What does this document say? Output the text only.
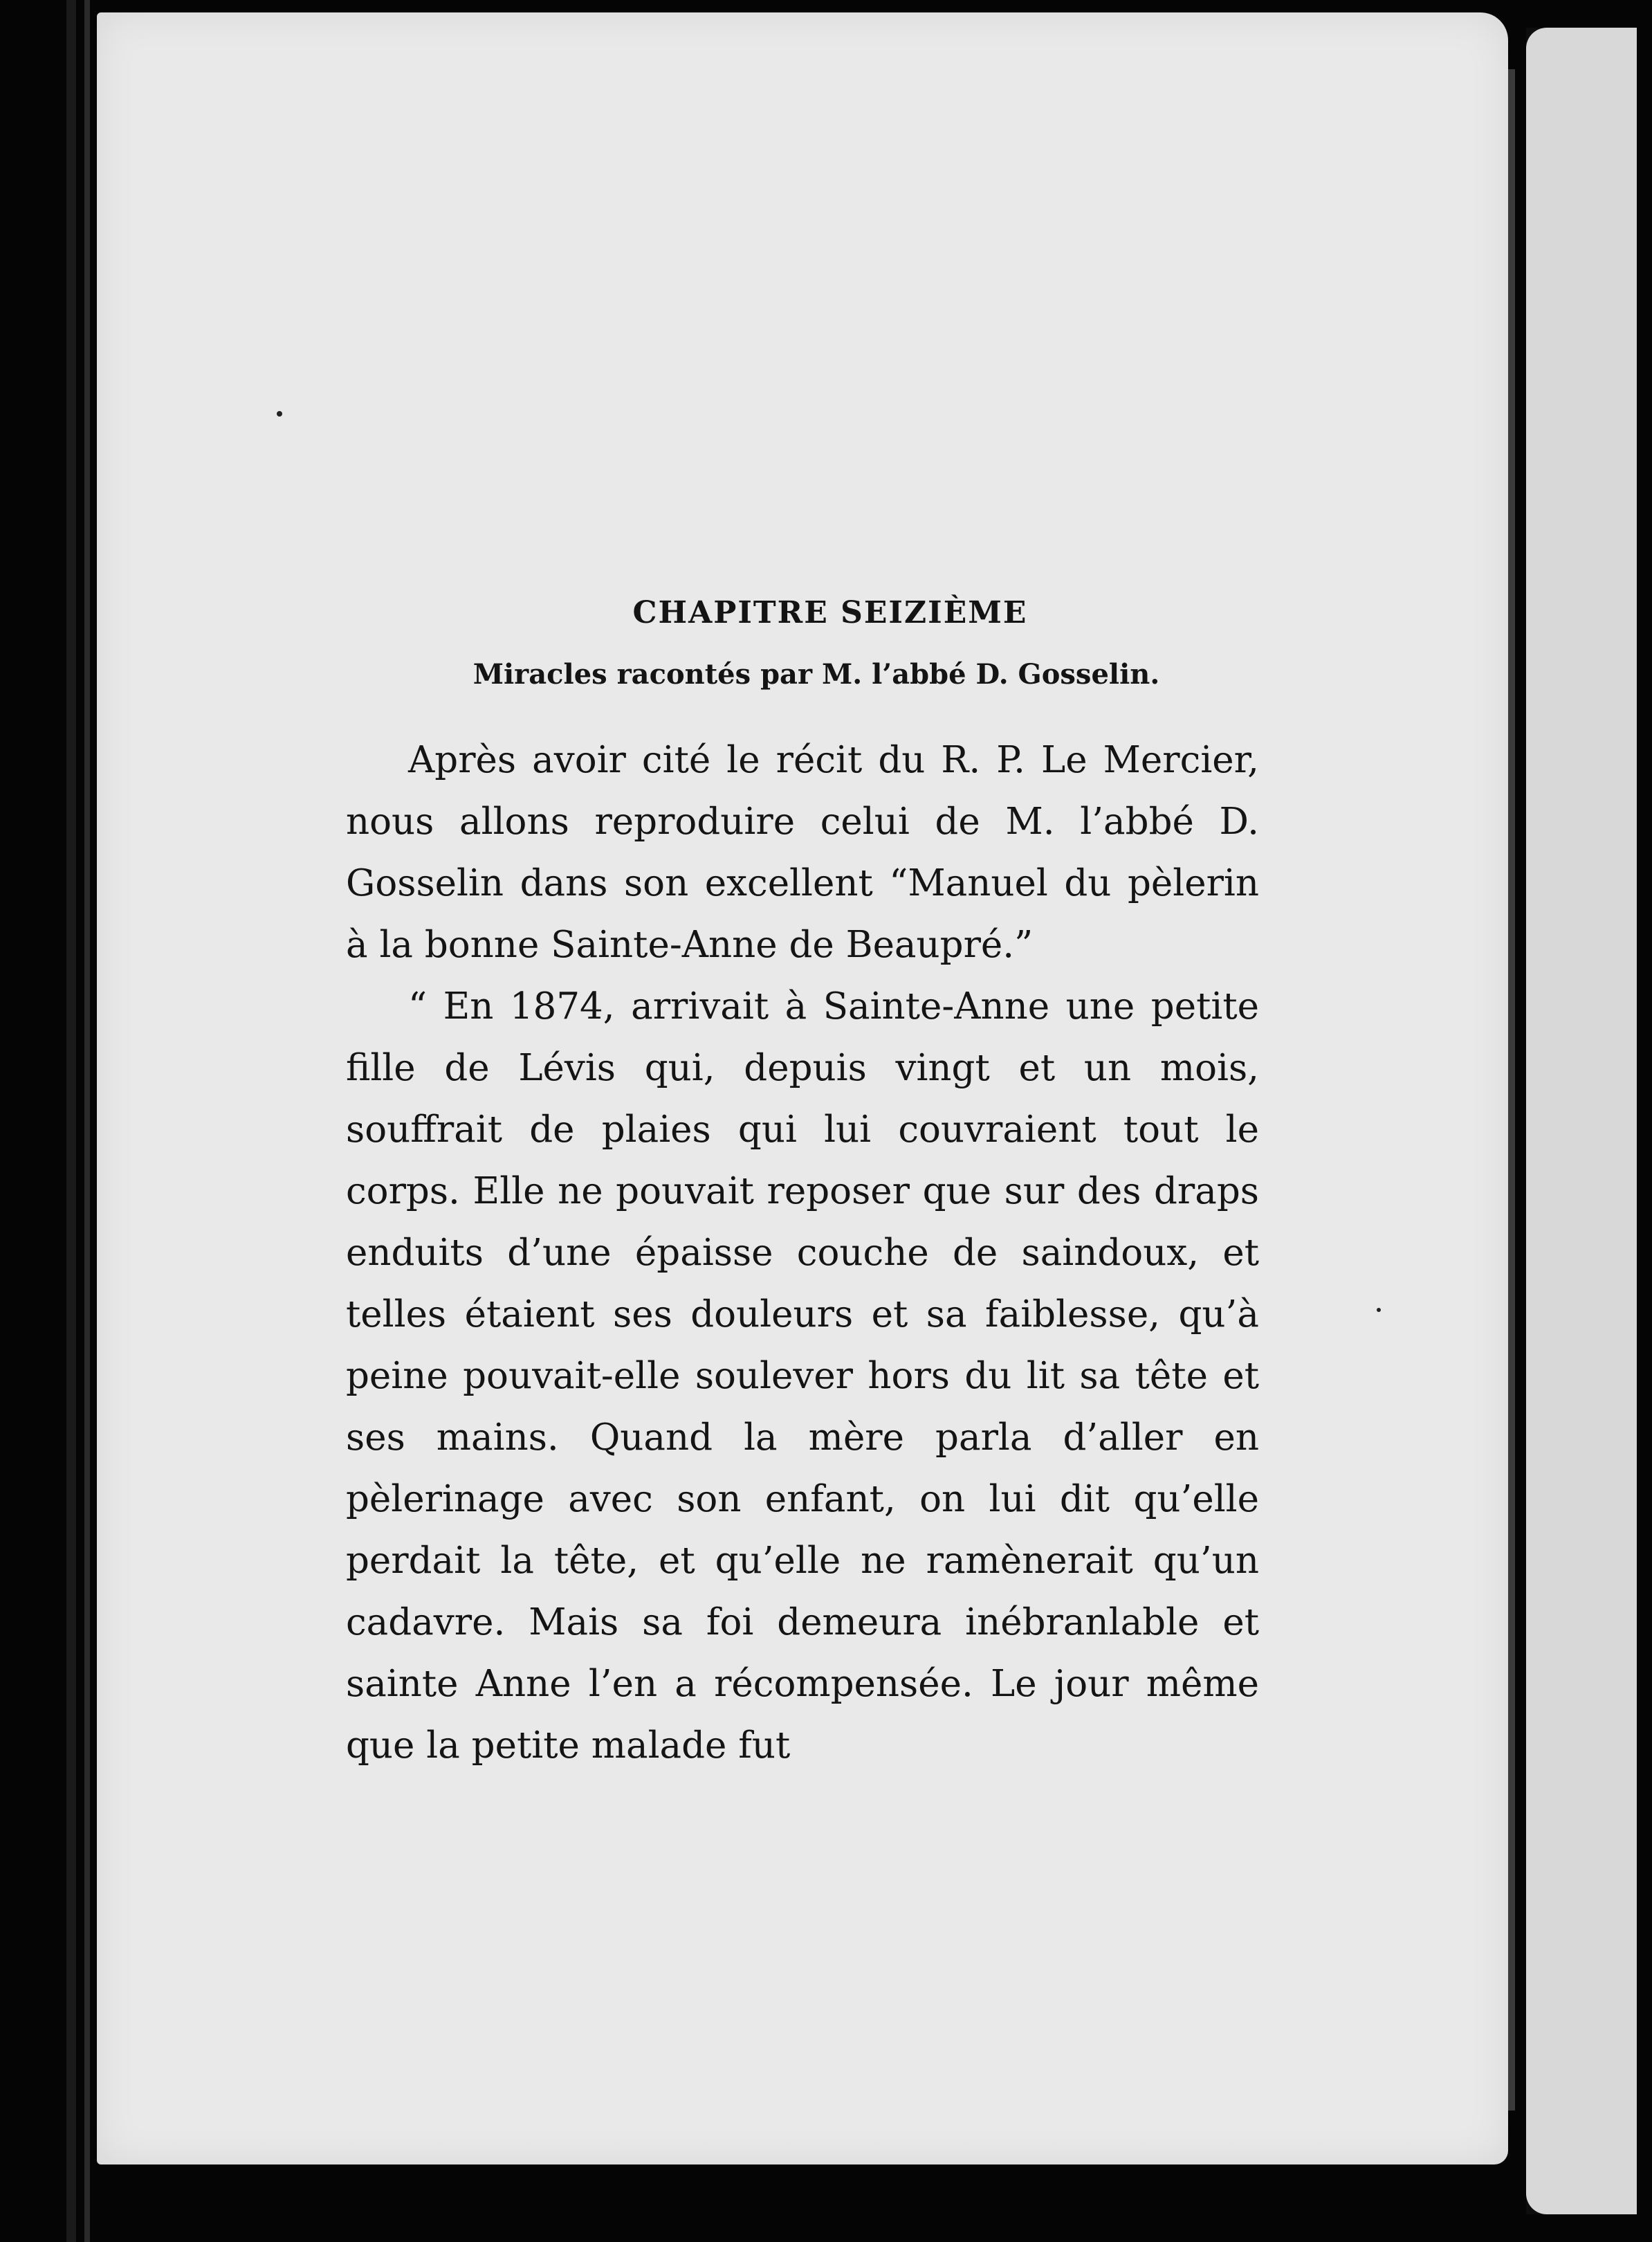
CHAPITRE SEIZIÈME
Miracles racontés par M. l’abbé D. Gosselin.

Après avoir cité le récit du R. P. Le Mercier, nous allons reproduire celui de M. l’abbé D. Gosselin dans son excellent “Manuel du pèlerin à la bonne Sainte-Anne de Beaupré.”

“ En 1874, arrivait à Sainte-Anne une petite fille de Lévis qui, depuis vingt et un mois, souffrait de plaies qui lui couvraient tout le corps. Elle ne pouvait reposer que sur des draps enduits d’une épaisse couche de saindoux, et telles étaient ses douleurs et sa faiblesse, qu’à peine pouvait-elle soulever hors du lit sa tête et ses mains. Quand la mère parla d’aller en pèlerinage avec son enfant, on lui dit qu’elle perdait la tête, et qu’elle ne ramènerait qu’un cadavre. Mais sa foi demeura inébranlable et sainte Anne l’en a récompensée. Le jour même que la petite malade fut
